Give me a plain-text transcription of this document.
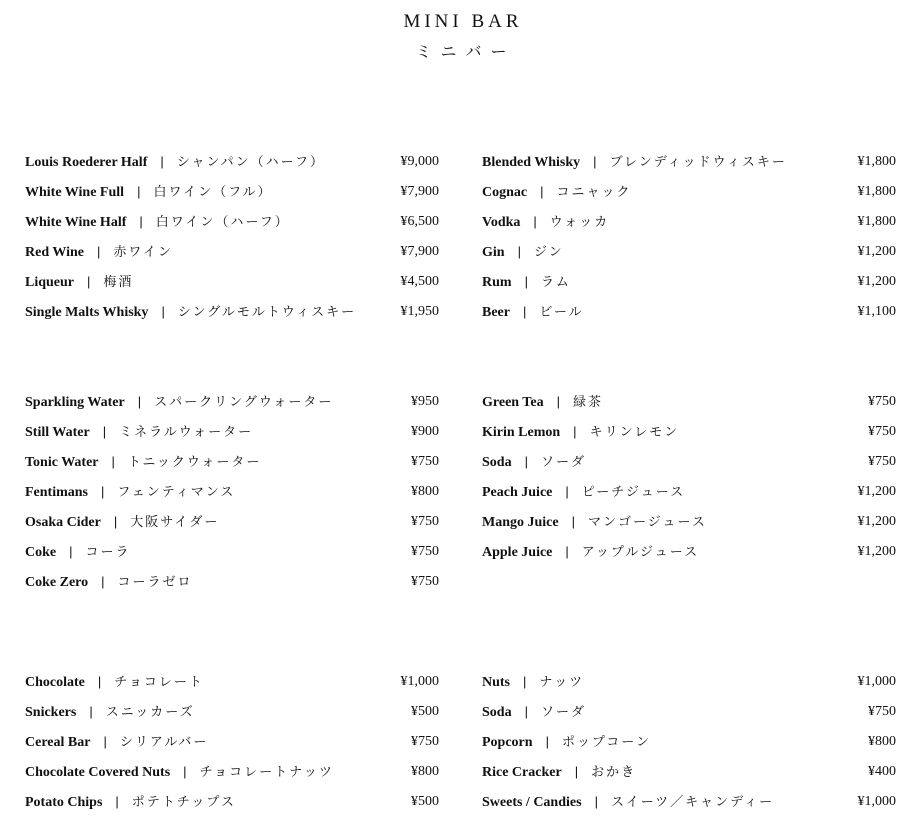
MINI BAR
ミニバー
Louis Roederer Half | シャンパン（ハーフ）	¥9,000
White Wine Full | 白ワイン（フル）	¥7,900
White Wine Half | 白ワイン（ハーフ）	¥6,500
Red Wine | 赤ワイン	¥7,900
Liqueur | 梅酒	¥4,500
Single Malts Whisky | シングルモルトウィスキー	¥1,950
Blended Whisky | ブレンディッドウィスキー	¥1,800
Cognac | コニャック	¥1,800
Vodka | ウォッカ	¥1,800
Gin | ジン	¥1,200
Rum | ラム	¥1,200
Beer | ビール	¥1,100
Sparkling Water | スパークリングウォーター	¥950
Still Water | ミネラルウォーター	¥900
Tonic Water | トニックウォーター	¥750
Fentimans | フェンティマンス	¥800
Osaka Cider | 大阪サイダー	¥750
Coke | コーラ	¥750
Coke Zero | コーラゼロ	¥750
Green Tea | 緑茶	¥750
Kirin Lemon | キリンレモン	¥750
Soda | ソーダ	¥750
Peach Juice | ピーチジュース	¥1,200
Mango Juice | マンゴージュース	¥1,200
Apple Juice | アップルジュース	¥1,200
Chocolate | チョコレート	¥1,000
Snickers | スニッカーズ	¥500
Cereal Bar | シリアルバー	¥750
Chocolate Covered Nuts | チョコレートナッツ	¥800
Potato Chips | ポテトチップス	¥500
Nuts | ナッツ	¥1,000
Soda | ソーダ	¥750
Popcorn | ポップコーン	¥800
Rice Cracker | おかき	¥400
Sweets / Candies | スイーツ／キャンディー	¥1,000
